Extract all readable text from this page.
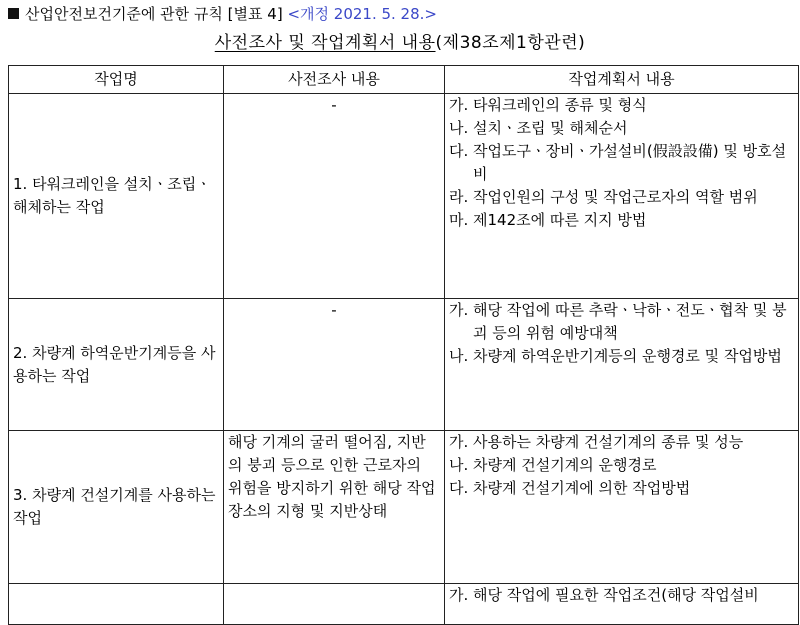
산업안전보건기준에 관한 규칙 [별표 4] <개정 2021. 5. 28.>
사전조사 및 작업계획서 내용(제38조제1항관련)
작업명	사전조사 내용	작업계획서 내용
1. 타워크레인을 설치ㆍ조립ㆍ해체하는 작업	-	가. 타워크레인의 종류 및 형식
나. 설치ㆍ조립 및 해체순서
다. 작업도구ㆍ장비ㆍ가설설비(假設設備) 및 방호설비
라. 작업인원의 구성 및 작업근로자의 역할 범위
마. 제142조에 따른 지지 방법

2. 차량계 하역운반기계등을 사용하는 작업	-	가. 해당 작업에 따른 추락ㆍ낙하ㆍ전도ㆍ협착 및 붕괴 등의 위험 예방대책
나. 차량계 하역운반기계등의 운행경로 및 작업방법

3. 차량계 건설기계를 사용하는 작업	해당 기계의 굴러 떨어짐, 지반의 붕괴 등으로 인한 근로자의 위험을 방지하기 위한 해당 작업장소의 지형 및 지반상태	가. 사용하는 차량계 건설기계의 종류 및 성능
나. 차량계 건설기계의 운행경로
다. 차량계 건설기계에 의한 작업방법

		가. 해당 작업에 필요한 작업조건(해당 작업설비
